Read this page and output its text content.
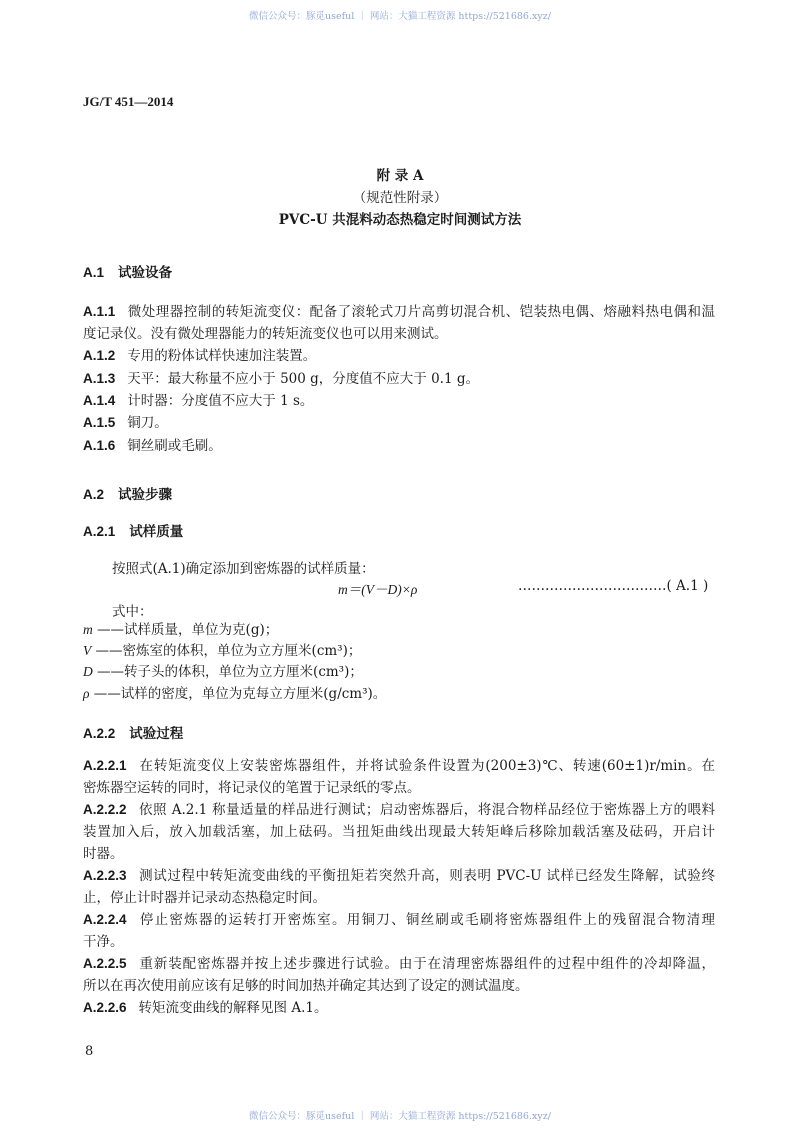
微信公众号：豚觅useful ｜ 网站：大猫工程资源 https://521686.xyz/
JG/T 451—2014
附 录 A
（规范性附录）
PVC-U 共混料动态热稳定时间测试方法
A.1 试验设备
A.1.1 微处理器控制的转矩流变仪：配备了滚轮式刀片高剪切混合机、铠装热电偶、熔融料热电偶和温
度记录仪。没有微处理器能力的转矩流变仪也可以用来测试。
A.1.2 专用的粉体试样快速加注装置。
A.1.3 天平：最大称量不应小于 500 g，分度值不应大于 0.1 g。
A.1.4 计时器：分度值不应大于 1 s。
A.1.5 铜刀。
A.1.6 铜丝刷或毛刷。
A.2 试验步骤
A.2.1 试样质量
按照式(A.1)确定添加到密炼器的试样质量：
m＝(V－D)×ρ	……………………………( A.1 )
式中：
m ——试样质量，单位为克(g)；
V ——密炼室的体积，单位为立方厘米(cm³)；
D ——转子头的体积，单位为立方厘米(cm³)；
ρ ——试样的密度，单位为克每立方厘米(g/cm³)。
A.2.2 试验过程
A.2.2.1 在转矩流变仪上安装密炼器组件，并将试验条件设置为(200±3)℃、转速(60±1)r/min。在
密炼器空运转的同时，将记录仪的笔置于记录纸的零点。
A.2.2.2 依照 A.2.1 称量适量的样品进行测试；启动密炼器后，将混合物样品经位于密炼器上方的喂料
装置加入后，放入加载活塞，加上砝码。当扭矩曲线出现最大转矩峰后移除加载活塞及砝码，开启计
时器。
A.2.2.3 测试过程中转矩流变曲线的平衡扭矩若突然升高，则表明 PVC-U 试样已经发生降解，试验终
止，停止计时器并记录动态热稳定时间。
A.2.2.4 停止密炼器的运转打开密炼室。用铜刀、铜丝刷或毛刷将密炼器组件上的残留混合物清理
干净。
A.2.2.5 重新装配密炼器并按上述步骤进行试验。由于在清理密炼器组件的过程中组件的冷却降温，
所以在再次使用前应该有足够的时间加热并确定其达到了设定的测试温度。
A.2.2.6 转矩流变曲线的解释见图 A.1。
8
微信公众号：豚觅useful ｜ 网站：大猫工程资源 https://521686.xyz/
